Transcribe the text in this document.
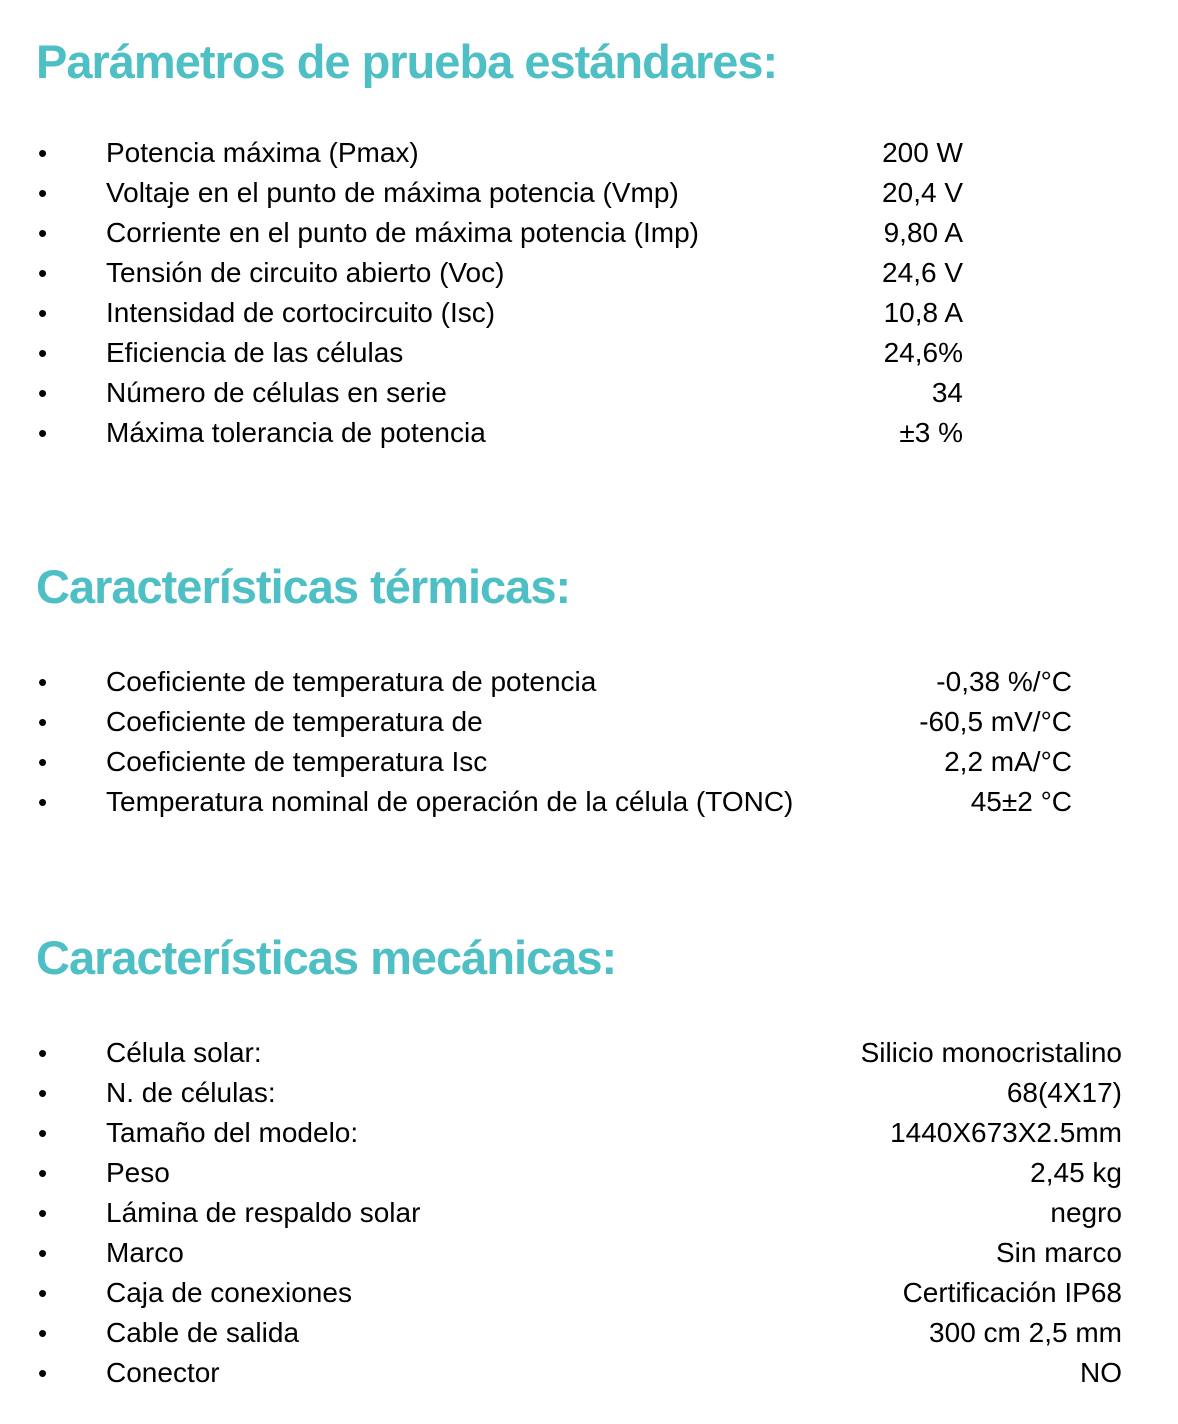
Parámetros de prueba estándares:
•	Potencia máxima (Pmax)	200 W
•	Voltaje en el punto de máxima potencia (Vmp)	20,4 V
•	Corriente en el punto de máxima potencia (Imp)	9,80 A
•	Tensión de circuito abierto (Voc)	24,6 V
•	Intensidad de cortocircuito (Isc)	10,8 A
•	Eficiencia de las células	24,6%
•	Número de células en serie	34
•	Máxima tolerancia de potencia	±3 %
Características térmicas:
•	Coeficiente de temperatura de potencia	-0,38 %/°C
•	Coeficiente de temperatura de	-60,5 mV/°C
•	Coeficiente de temperatura Isc	2,2 mA/°C
•	Temperatura nominal de operación de la célula (TONC)	45±2 °C
Características mecánicas:
•	Célula solar:	Silicio monocristalino
•	N. de células:	68(4X17)
•	Tamaño del modelo:	1440X673X2.5mm
•	Peso	2,45 kg
•	Lámina de respaldo solar	negro
•	Marco	Sin marco
•	Caja de conexiones	Certificación IP68
•	Cable de salida	300 cm 2,5 mm
•	Conector	NO
